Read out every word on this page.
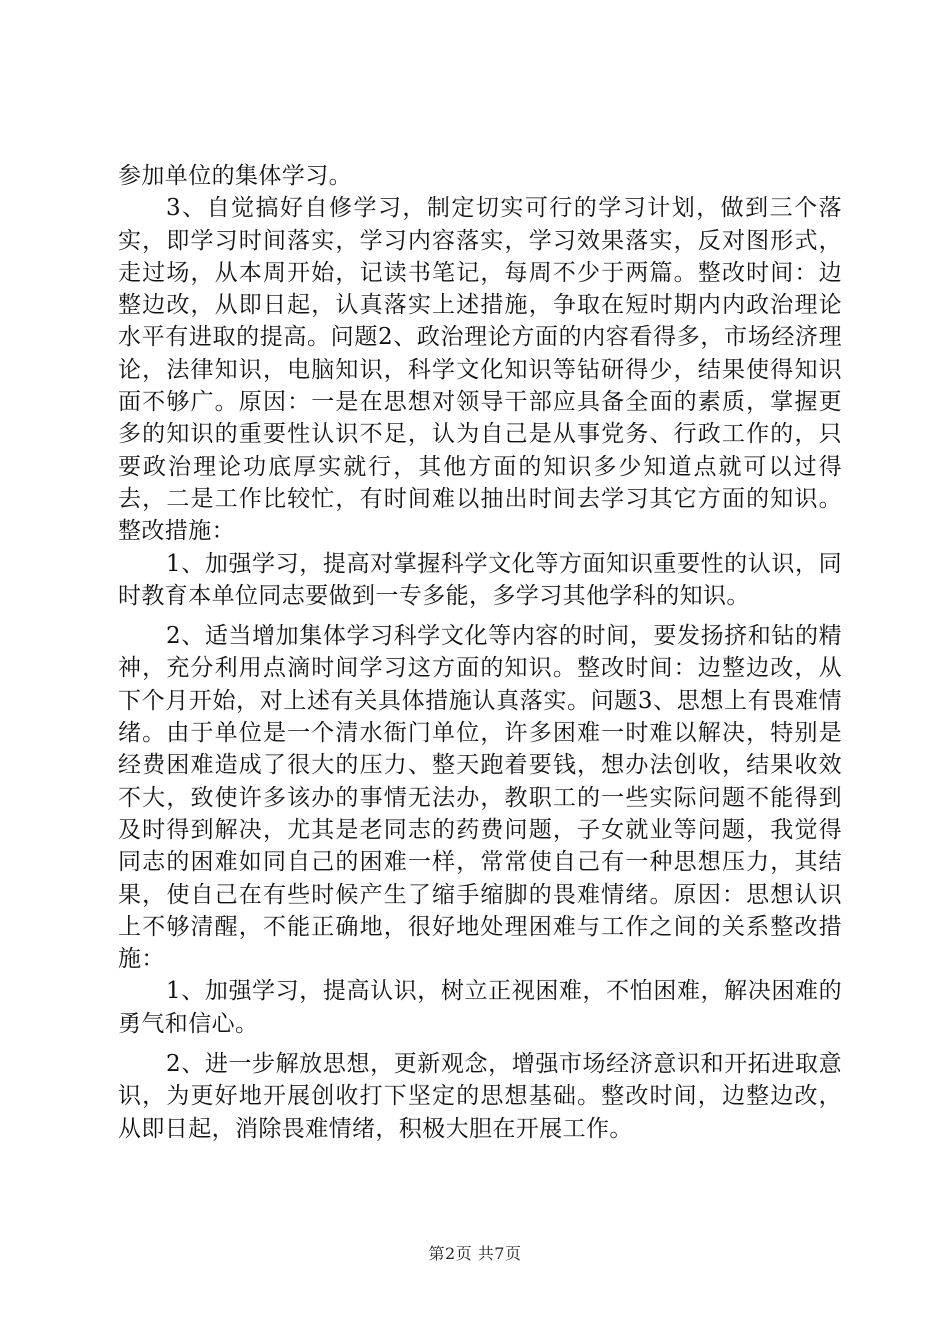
参加单位的集体学习。

3、自觉搞好自修学习，制定切实可行的学习计划，做到三个落实，即学习时间落实，学习内容落实，学习效果落实，反对图形式，走过场，从本周开始，记读书笔记，每周不少于两篇。整改时间：边整边改，从即日起，认真落实上述措施，争取在短时期内内政治理论水平有进取的提高。问题2、政治理论方面的内容看得多，市场经济理论，法律知识，电脑知识，科学文化知识等钻研得少，结果使得知识面不够广。原因：一是在思想对领导干部应具备全面的素质，掌握更多的知识的重要性认识不足，认为自己是从事党务、行政工作的，只要政治理论功底厚实就行，其他方面的知识多少知道点就可以过得去，二是工作比较忙，有时间难以抽出时间去学习其它方面的知识。整改措施：

1、加强学习，提高对掌握科学文化等方面知识重要性的认识，同时教育本单位同志要做到一专多能，多学习其他学科的知识。

2、适当增加集体学习科学文化等内容的时间，要发扬挤和钻的精神，充分利用点滴时间学习这方面的知识。整改时间：边整边改，从下个月开始，对上述有关具体措施认真落实。问题3、思想上有畏难情绪。由于单位是一个清水衙门单位，许多困难一时难以解决，特别是经费困难造成了很大的压力、整天跑着要钱，想办法创收，结果收效不大，致使许多该办的事情无法办，教职工的一些实际问题不能得到及时得到解决，尤其是老同志的药费问题，子女就业等问题，我觉得同志的困难如同自己的困难一样，常常使自己有一种思想压力，其结果，使自己在有些时候产生了缩手缩脚的畏难情绪。原因：思想认识上不够清醒，不能正确地，很好地处理困难与工作之间的关系整改措施：

1、加强学习，提高认识，树立正视困难，不怕困难，解决困难的勇气和信心。

2、进一步解放思想，更新观念，增强市场经济意识和开拓进取意识，为更好地开展创收打下坚定的思想基础。整改时间，边整边改，从即日起，消除畏难情绪，积极大胆在开展工作。

第2页 共7页
